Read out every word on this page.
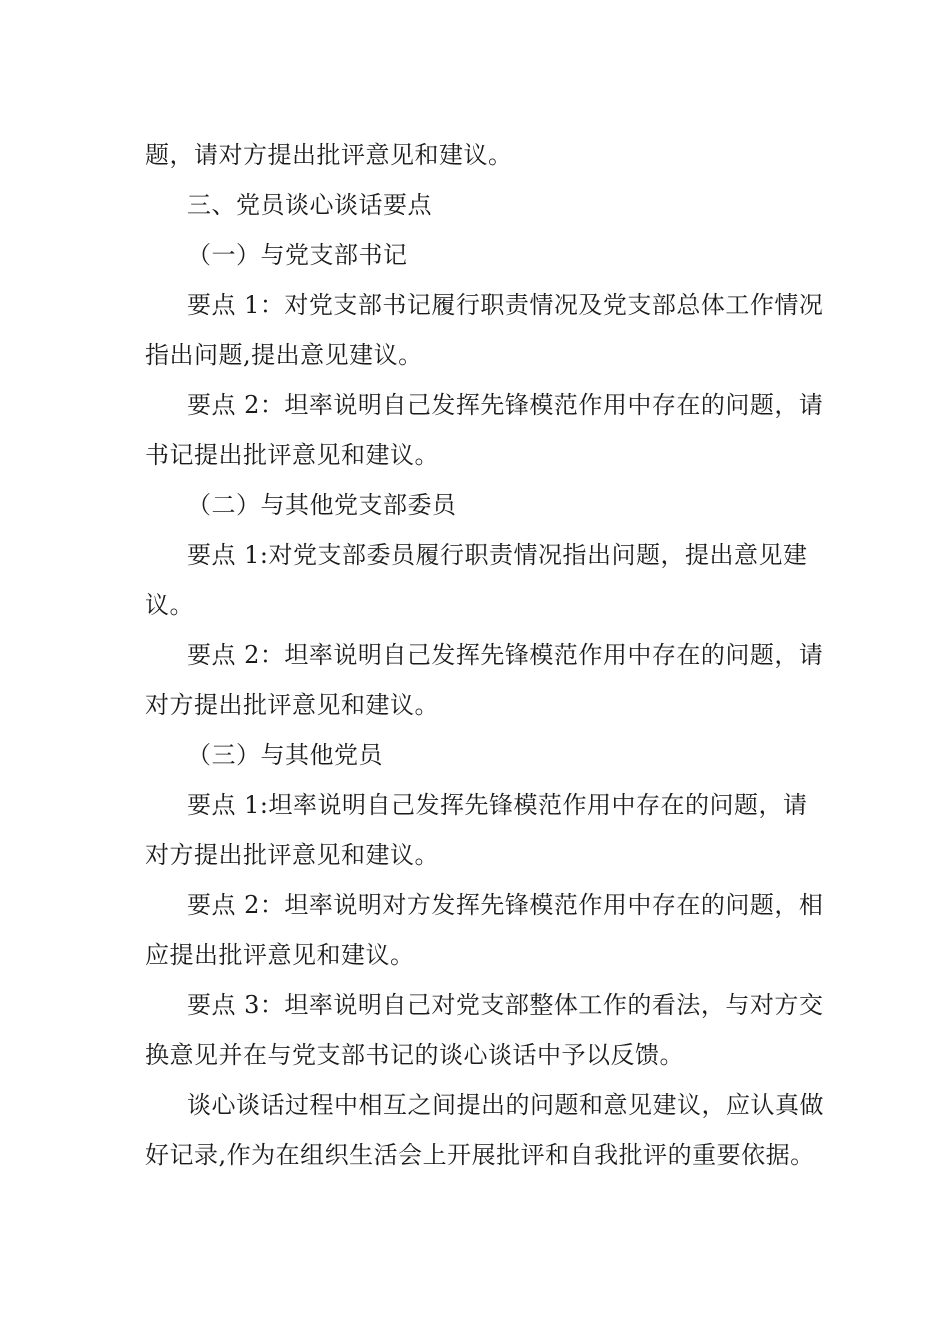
题，请对方提出批评意见和建议。

三、党员谈心谈话要点

（一）与党支部书记

要点 1：对党支部书记履行职责情况及党支部总体工作情况指出问题,提出意见建议。

要点 2：坦率说明自己发挥先锋模范作用中存在的问题，请书记提出批评意见和建议。

（二）与其他党支部委员

要点 1:对党支部委员履行职责情况指出问题，提出意见建议。

要点 2：坦率说明自己发挥先锋模范作用中存在的问题，请对方提出批评意见和建议。

（三）与其他党员

要点 1:坦率说明自己发挥先锋模范作用中存在的问题，请对方提出批评意见和建议。

要点 2：坦率说明对方发挥先锋模范作用中存在的问题，相应提出批评意见和建议。

要点 3：坦率说明自己对党支部整体工作的看法，与对方交换意见并在与党支部书记的谈心谈话中予以反馈。

谈心谈话过程中相互之间提出的问题和意见建议，应认真做好记录,作为在组织生活会上开展批评和自我批评的重要依据。
